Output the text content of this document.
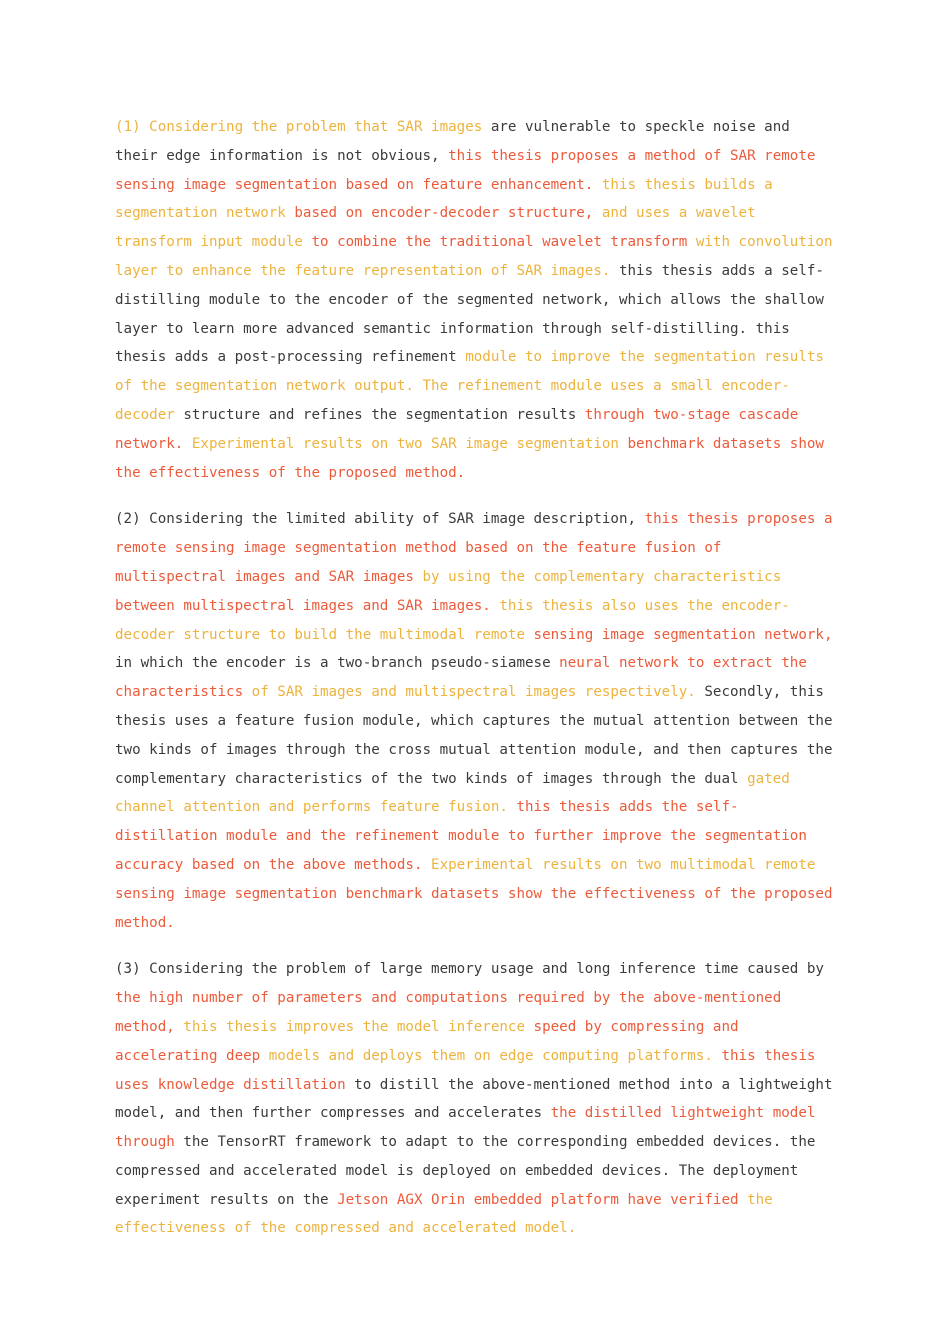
(1) Considering the problem that SAR images are vulnerable to speckle noise and their edge information is not obvious, this thesis proposes a method of SAR remote sensing image segmentation based on feature enhancement. this thesis builds a segmentation network based on encoder-decoder structure, and uses a wavelet transform input module to combine the traditional wavelet transform with convolution layer to enhance the feature representation of SAR images. this thesis adds a self-distilling module to the encoder of the segmented network, which allows the shallow layer to learn more advanced semantic information through self-distilling. this thesis adds a post-processing refinement module to improve the segmentation results of the segmentation network output. The refinement module uses a small encoder-decoder structure and refines the segmentation results through two-stage cascade network. Experimental results on two SAR image segmentation benchmark datasets show the effectiveness of the proposed method.

(2) Considering the limited ability of SAR image description, this thesis proposes a remote sensing image segmentation method based on the feature fusion of multispectral images and SAR images by using the complementary characteristics between multispectral images and SAR images. this thesis also uses the encoder-decoder structure to build the multimodal remote sensing image segmentation network, in which the encoder is a two-branch pseudo-siamese neural network to extract the characteristics of SAR images and multispectral images respectively. Secondly, this thesis uses a feature fusion module, which captures the mutual attention between the two kinds of images through the cross mutual attention module, and then captures the complementary characteristics of the two kinds of images through the dual gated channel attention and performs feature fusion. this thesis adds the self-distillation module and the refinement module to further improve the segmentation accuracy based on the above methods. Experimental results on two multimodal remote sensing image segmentation benchmark datasets show the effectiveness of the proposed method.

(3) Considering the problem of large memory usage and long inference time caused by the high number of parameters and computations required by the above-mentioned method, this thesis improves the model inference speed by compressing and accelerating deep models and deploys them on edge computing platforms. this thesis uses knowledge distillation to distill the above-mentioned method into a lightweight model, and then further compresses and accelerates the distilled lightweight model through the TensorRT framework to adapt to the corresponding embedded devices. the compressed and accelerated model is deployed on embedded devices. The deployment experiment results on the Jetson AGX Orin embedded platform have verified the effectiveness of the compressed and accelerated model.
